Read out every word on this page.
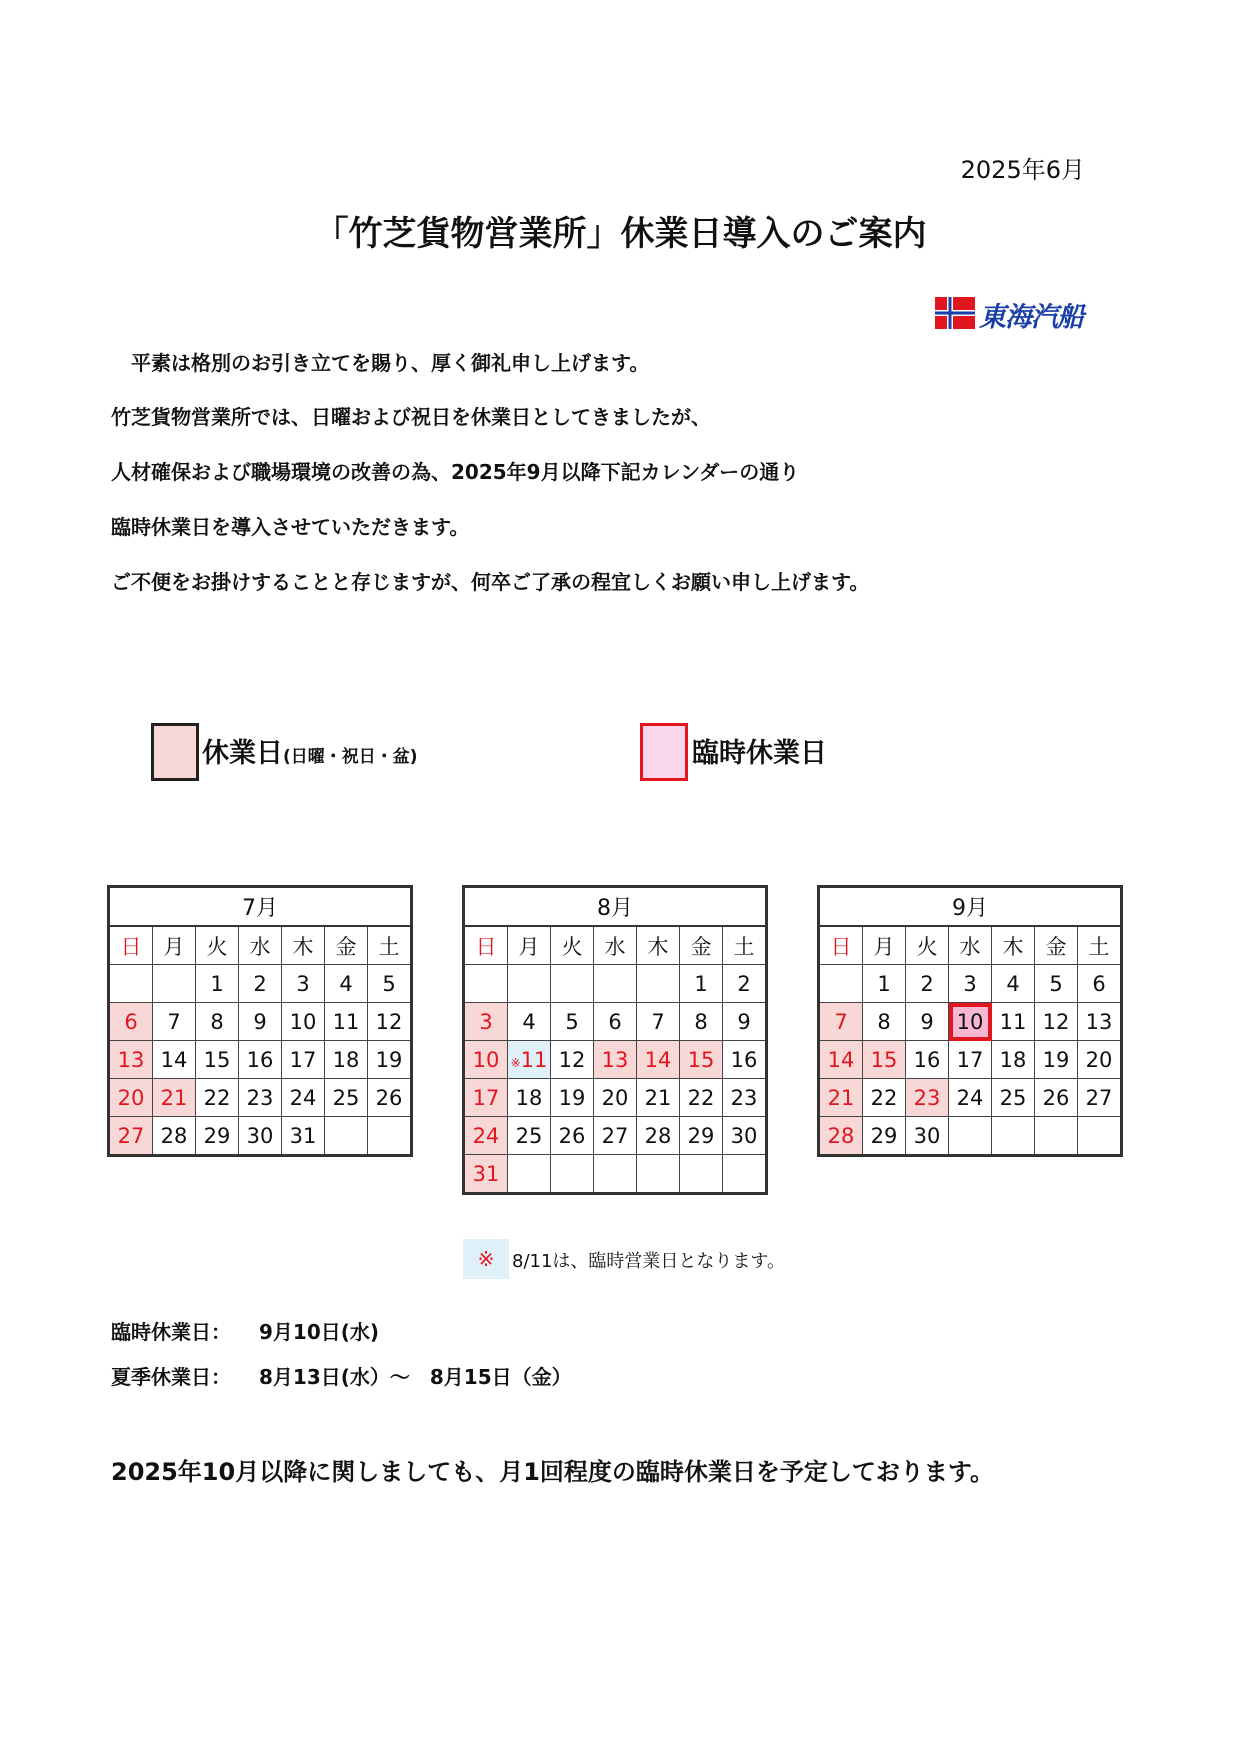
2025年6月
「竹芝貨物営業所」休業日導入のご案内
東海汽船
　平素は格別のお引き立てを賜り、厚く御礼申し上げます。
竹芝貨物営業所では、日曜および祝日を休業日としてきましたが、
人材確保および職場環境の改善の為、2025年9月以降下記カレンダーの通り
臨時休業日を導入させていただきます。
ご不便をお掛けすることと存じますが、何卒ご了承の程宜しくお願い申し上げます。
休業日(日曜・祝日・盆)	臨時休業日
7月						
日	月	火	水	木	金	土
		1	2	3	4	5
6	7	8	9	10	11	12
13	14	15	16	17	18	19
20	21	22	23	24	25	26
27	28	29	30	31		
8月						
日	月	火	水	木	金	土
					1	2
3	4	5	6	7	8	9
10	※11	12	13	14	15	16
17	18	19	20	21	22	23
24	25	26	27	28	29	30
31						
9月						
日	月	火	水	木	金	土
	1	2	3	4	5	6
7	8	9	10	11	12	13
14	15	16	17	18	19	20
21	22	23	24	25	26	27
28	29	30				
※ 8/11は、臨時営業日となります。
臨時休業日： 9月10日(水)
夏季休業日： 8月13日(水）～　8月15日（金）
2025年10月以降に関しましても、月1回程度の臨時休業日を予定しております。
